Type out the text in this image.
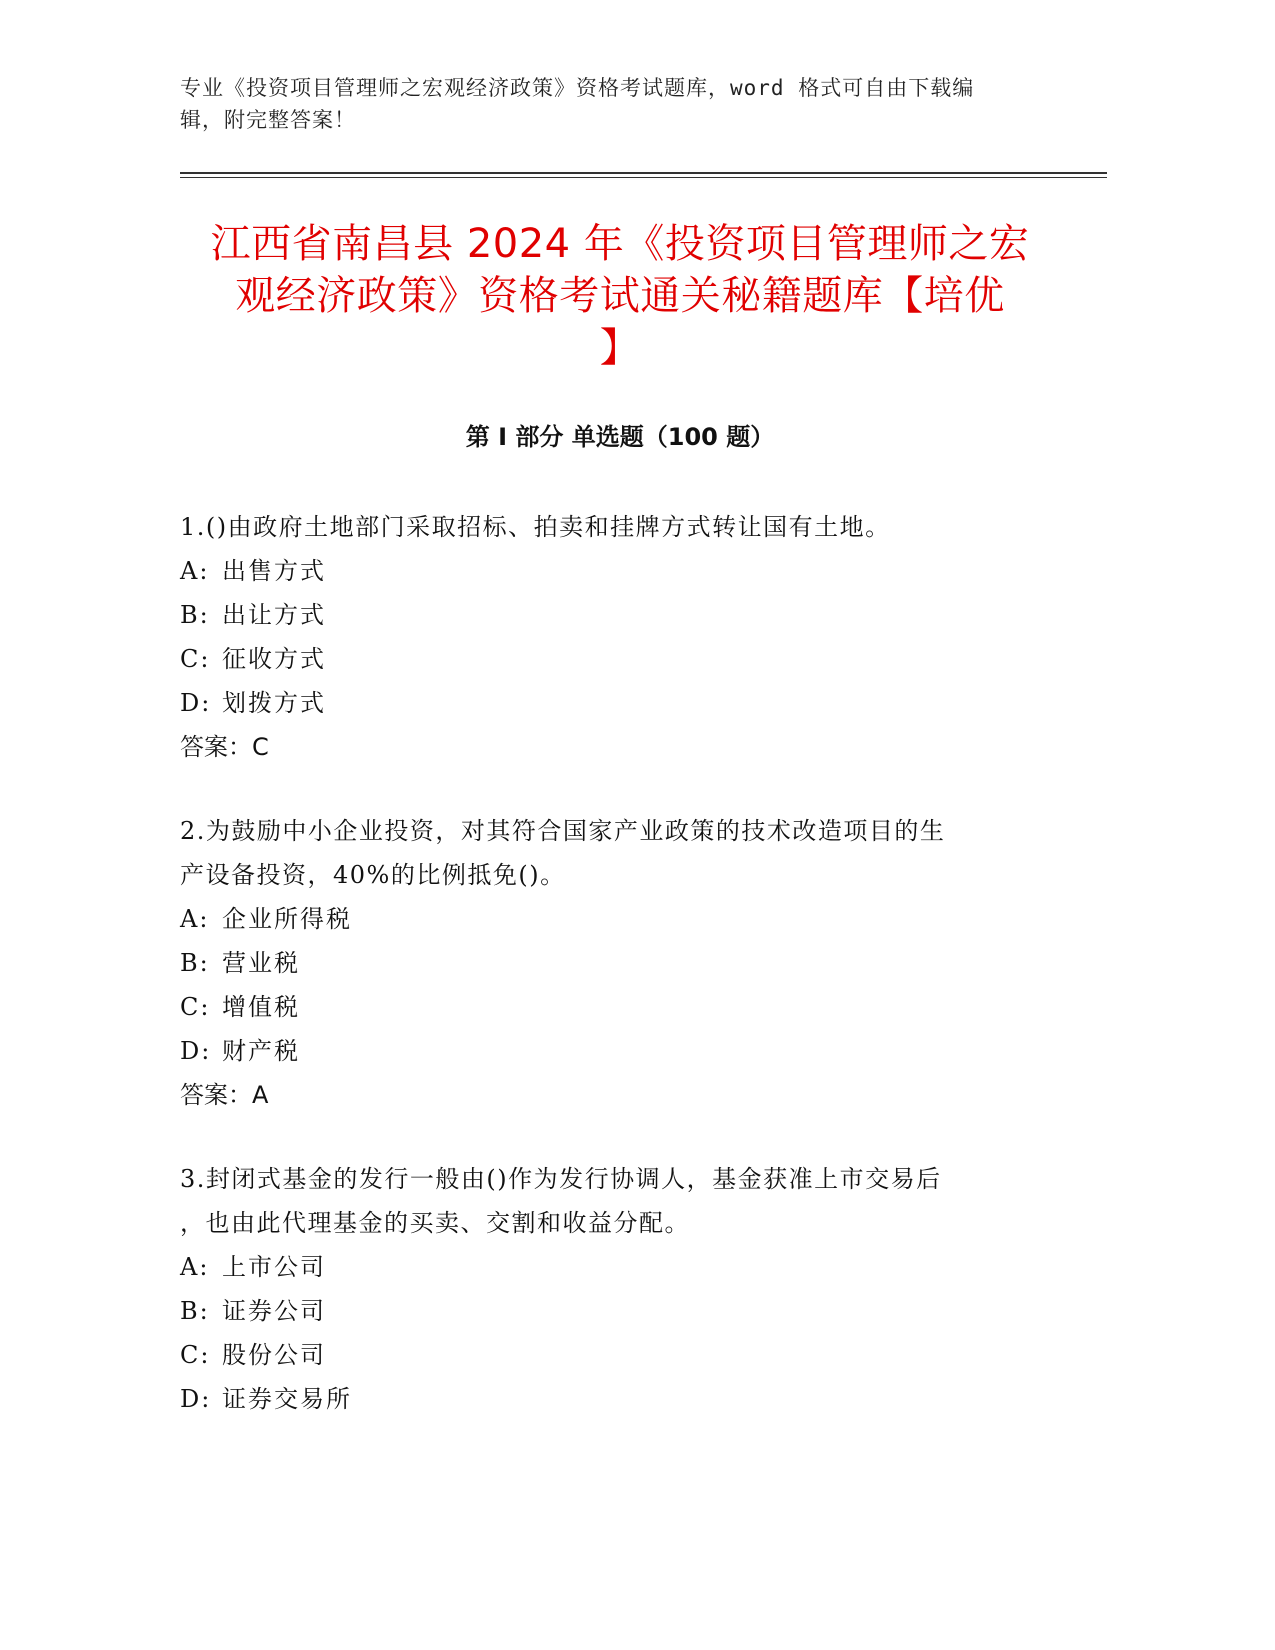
专业《投资项目管理师之宏观经济政策》资格考试题库，word 格式可自由下载编
辑，附完整答案！
江西省南昌县 2024 年《投资项目管理师之宏
观经济政策》资格考试通关秘籍题库【培优
】
第 I 部分 单选题（100 题）

1.()由政府土地部门采取招标、拍卖和挂牌方式转让国有土地。

A: 出售方式

B: 出让方式

C: 征收方式

D: 划拨方式

答案：C

2.为鼓励中小企业投资，对其符合国家产业政策的技术改造项目的生

产设备投资，40%的比例抵免()。

A: 企业所得税

B: 营业税

C: 增值税

D: 财产税

答案：A

3.封闭式基金的发行一般由()作为发行协调人，基金获准上市交易后

，也由此代理基金的买卖、交割和收益分配。

A: 上市公司

B: 证券公司

C: 股份公司

D: 证券交易所
